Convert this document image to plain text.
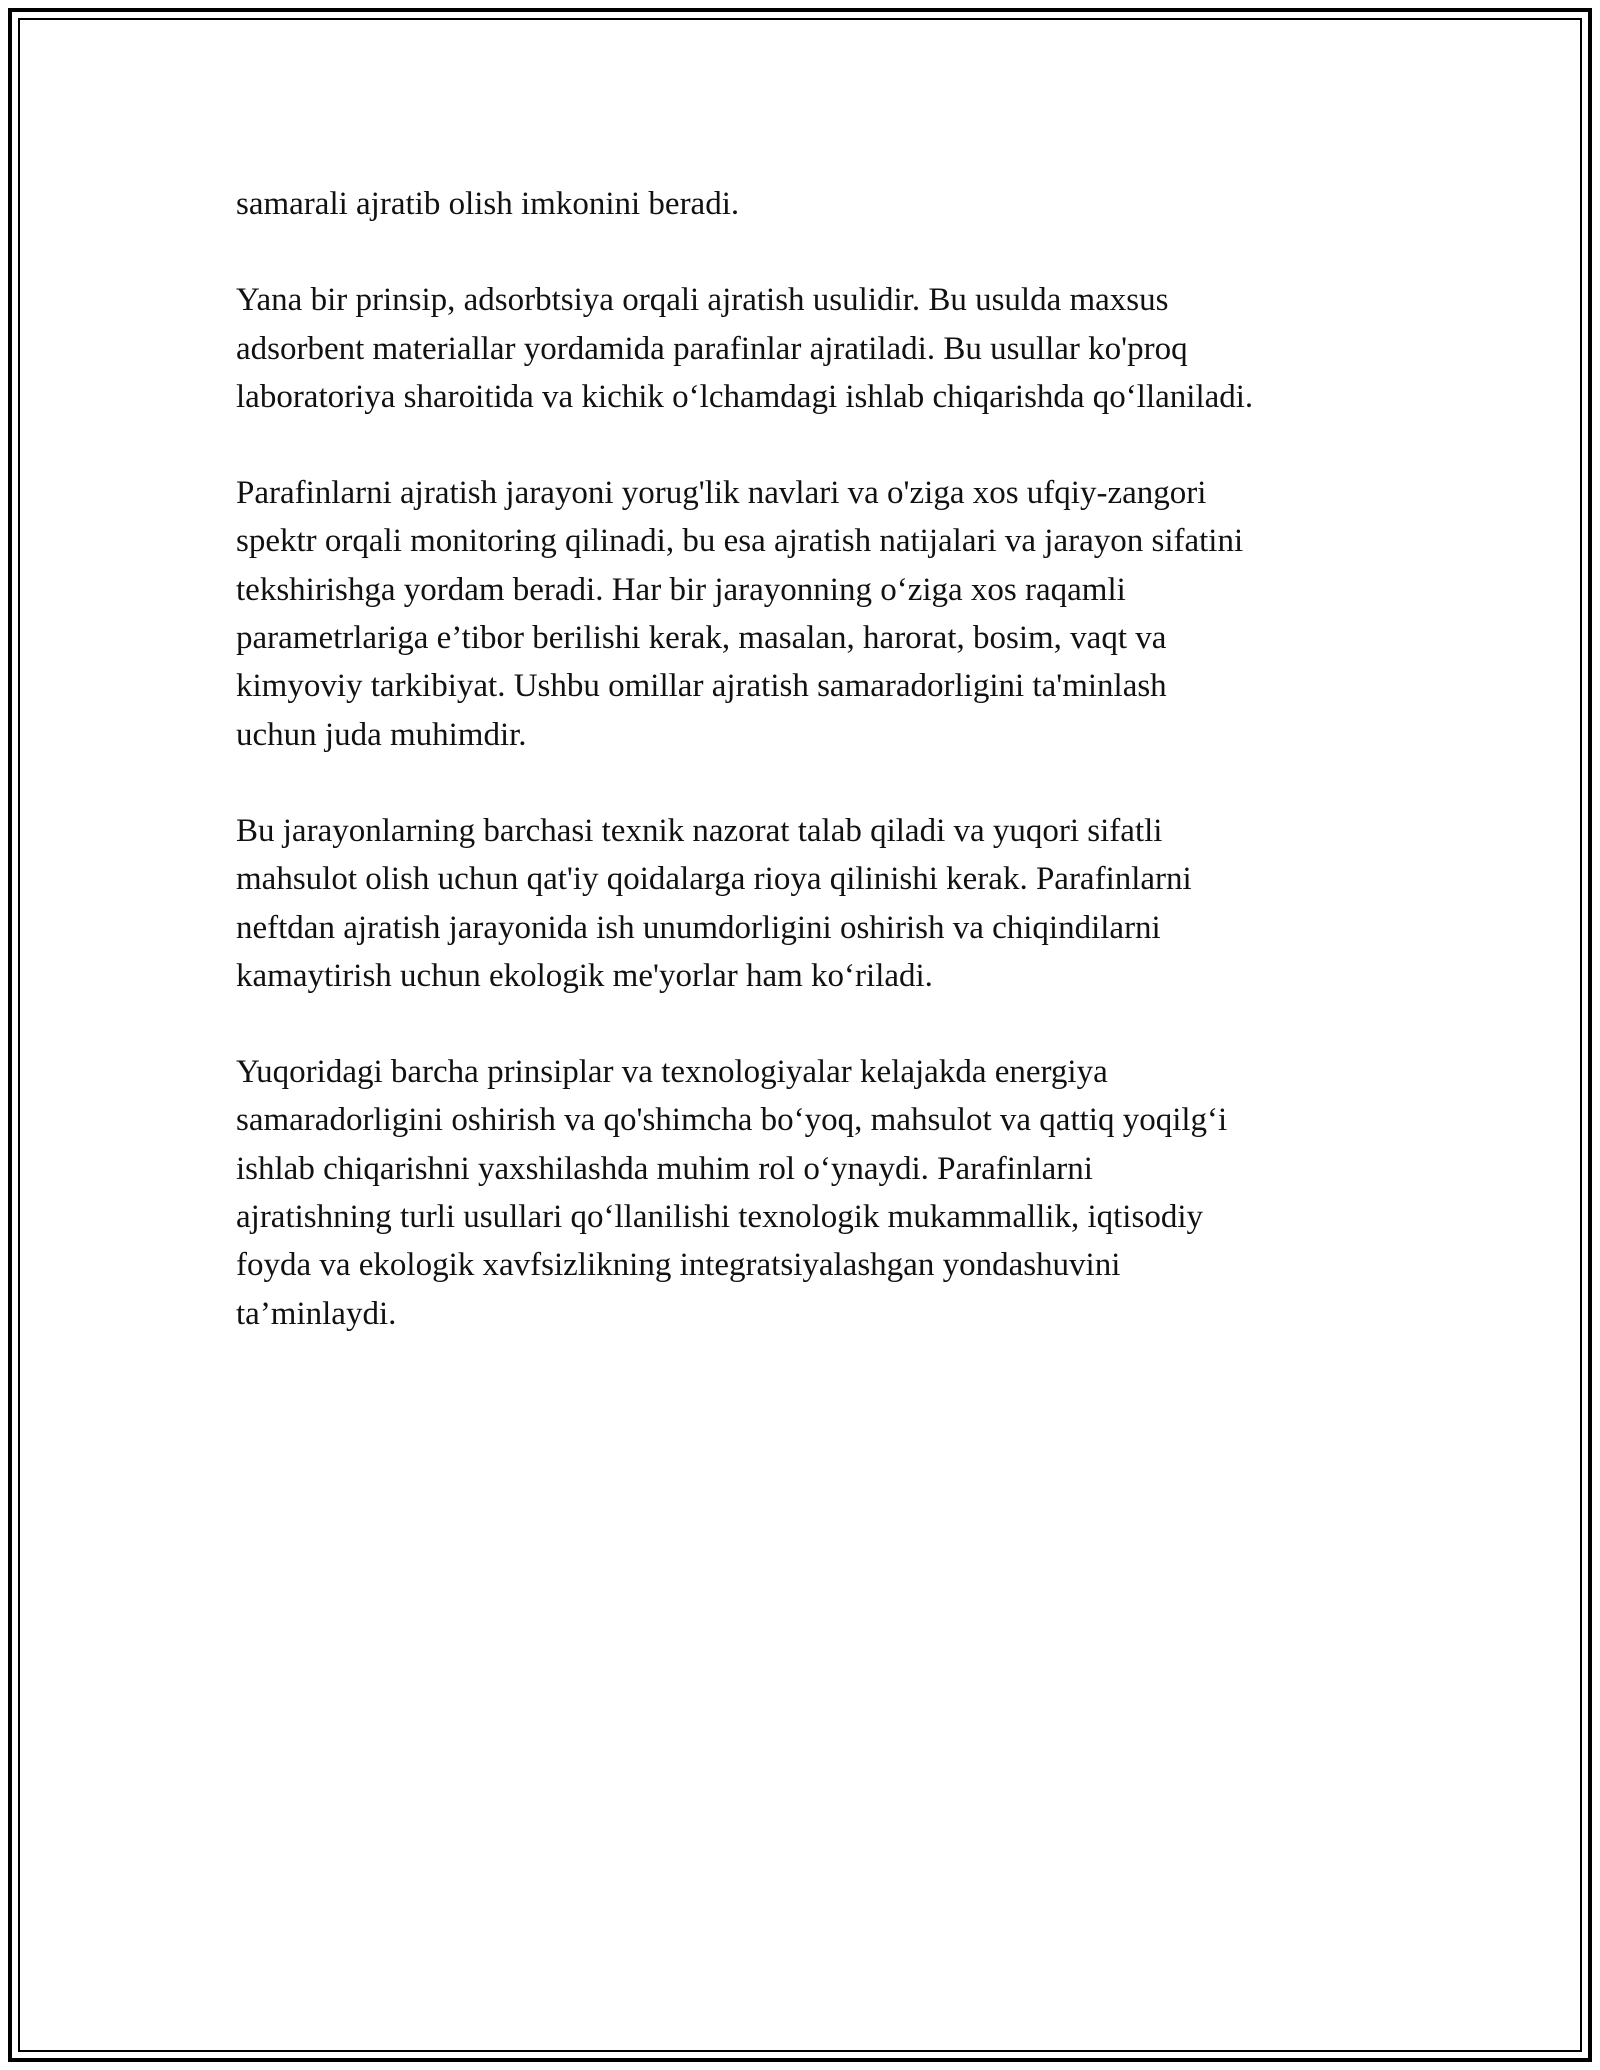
samarali ajratib olish imkonini beradi.

Yana bir prinsip, adsorbtsiya orqali ajratish usulidir. Bu usulda maxsus
adsorbent materiallar yordamida parafinlar ajratiladi. Bu usullar ko'proq
laboratoriya sharoitida va kichik o‘lchamdagi ishlab chiqarishda qo‘llaniladi.

Parafinlarni ajratish jarayoni yorug'lik navlari va o'ziga xos ufqiy-zangori
spektr orqali monitoring qilinadi, bu esa ajratish natijalari va jarayon sifatini
tekshirishga yordam beradi. Har bir jarayonning o‘ziga xos raqamli
parametrlariga e’tibor berilishi kerak, masalan, harorat, bosim, vaqt va
kimyoviy tarkibiyat. Ushbu omillar ajratish samaradorligini ta'minlash
uchun juda muhimdir.

Bu jarayonlarning barchasi texnik nazorat talab qiladi va yuqori sifatli
mahsulot olish uchun qat'iy qoidalarga rioya qilinishi kerak. Parafinlarni
neftdan ajratish jarayonida ish unumdorligini oshirish va chiqindilarni
kamaytirish uchun ekologik me'yorlar ham ko‘riladi.

Yuqoridagi barcha prinsiplar va texnologiyalar kelajakda energiya
samaradorligini oshirish va qo'shimcha bo‘yoq, mahsulot va qattiq yoqilg‘i
ishlab chiqarishni yaxshilashda muhim rol o‘ynaydi. Parafinlarni
ajratishning turli usullari qo‘llanilishi texnologik mukammallik, iqtisodiy
foyda va ekologik xavfsizlikning integratsiyalashgan yondashuvini
ta’minlaydi.
